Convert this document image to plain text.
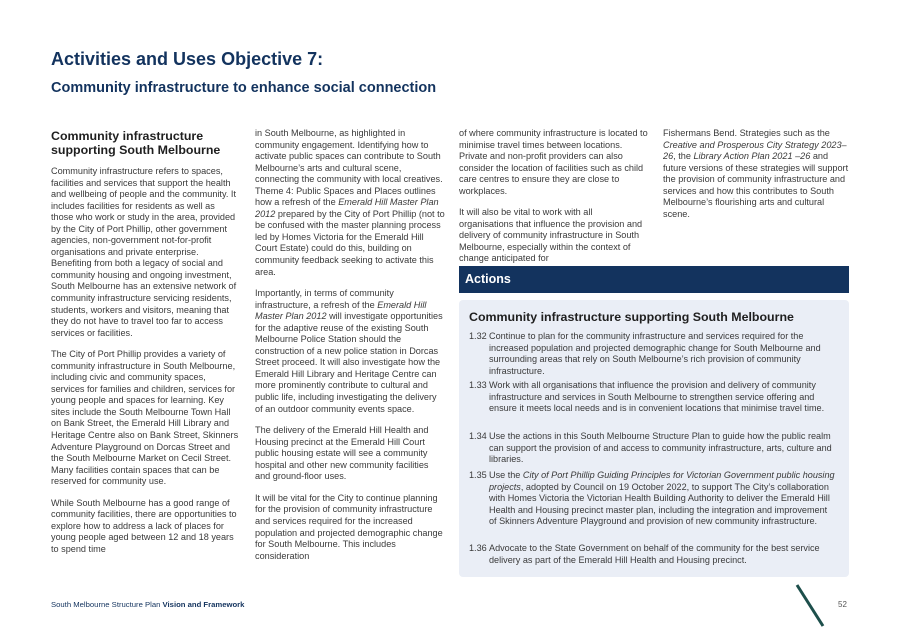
Activities and Uses Objective 7:
Community infrastructure to enhance social connection
Community infrastructure supporting South Melbourne

Community infrastructure refers to spaces, facilities and services that support the health and wellbeing of people and the community. It includes facilities for residents as well as those who work or study in the area, provided by the City of Port Phillip, other government agencies, non-government not-for-profit organisations and private enterprise. Benefiting from both a legacy of social and community housing and ongoing investment, South Melbourne has an extensive network of community infrastructure servicing residents, students, workers and visitors, meaning that they do not have to travel too far to access services or facilities.

The City of Port Phillip provides a variety of community infrastructure in South Melbourne, including civic and community spaces, services for families and children, services for young people and spaces for learning. Key sites include the South Melbourne Town Hall on Bank Street, the Emerald Hill Library and Heritage Centre also on Bank Street, Skinners Adventure Playground on Dorcas Street and the South Melbourne Market on Cecil Street. Many facilities contain spaces that can be reserved for community use.

While South Melbourne has a good range of community facilities, there are opportunities to explore how to address a lack of places for young people aged between 12 and 18 years to spend time

in South Melbourne, as highlighted in community engagement. Identifying how to activate public spaces can contribute to South Melbourne’s arts and cultural scene, connecting the community with local creatives. Theme 4: Public Spaces and Places outlines how a refresh of the Emerald Hill Master Plan 2012 prepared by the City of Port Phillip (not to be confused with the master planning process led by Homes Victoria for the Emerald Hill Court Estate) could do this, building on community feedback seeking to activate this area.

Importantly, in terms of community infrastructure, a refresh of the Emerald Hill Master Plan 2012 will investigate opportunities for the adaptive reuse of the existing South Melbourne Police Station should the construction of a new police station in Dorcas Street proceed. It will also investigate how the Emerald Hill Library and Heritage Centre can more prominently contribute to cultural and public life, including investigating the delivery of an outdoor community events space.

The delivery of the Emerald Hill Health and Housing precinct at the Emerald Hill Court public housing estate will see a community hospital and other new community facilities and ground-floor uses.

It will be vital for the City to continue planning for the provision of community infrastructure and services required for the increased population and projected demographic change for South Melbourne. This includes consideration

of where community infrastructure is located to minimise travel times between locations. Private and non-profit providers can also consider the location of facilities such as child care centres to ensure they are close to workplaces.

It will also be vital to work with all organisations that influence the provision and delivery of community infrastructure in South Melbourne, especially within the context of change anticipated for

Fishermans Bend. Strategies such as the Creative and Prosperous City Strategy 2023–26, the Library Action Plan 2021 –26 and future versions of these strategies will support the provision of community infrastructure and services and how this contributes to South Melbourne’s flourishing arts and cultural scene.

Actions
Community infrastructure supporting South Melbourne
1.32 Continue to plan for the community infrastructure and services required for the increased population and projected demographic change for South Melbourne and surrounding areas that rely on South Melbourne’s rich provision of community infrastructure.
1.33 Work with all organisations that influence the provision and delivery of community infrastructure and services in South Melbourne to strengthen service offering and ensure it meets local needs and is in convenient locations that minimise travel time.
1.34 Use the actions in this South Melbourne Structure Plan to guide how the public realm can support the provision of and access to community infrastructure, arts, culture and libraries.
1.35 Use the City of Port Phillip Guiding Principles for Victorian Government public housing projects, adopted by Council on 19 October 2022, to support The City’s collaboration with Homes Victoria the Victorian Health Building Authority to deliver the Emerald Hill Health and Housing precinct master plan, including the integration and improvement of Skinners Adventure Playground and provision of new community infrastructure.
1.36 Advocate to the State Government on behalf of the community for the best service delivery as part of the Emerald Hill Health and Housing precinct.
South Melbourne Structure Plan Vision and Framework	52
